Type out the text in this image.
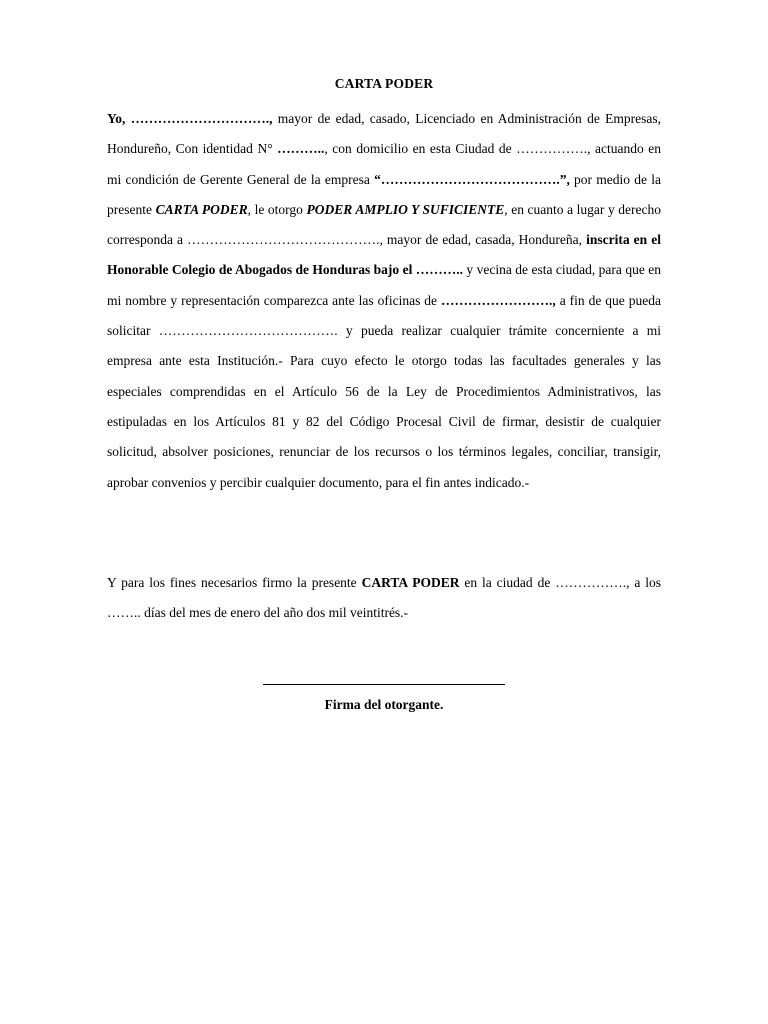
CARTA PODER

Yo, …………………………., mayor de edad, casado, Licenciado en Administración de Empresas, Hondureño, Con identidad N° ……….., con domicilio en esta Ciudad de ……………., actuando en mi condición de Gerente General de la empresa “………………………………….”, por medio de la presente CARTA PODER, le otorgo PODER AMPLIO Y SUFICIENTE, en cuanto a lugar y derecho corresponda a ……………………………………., mayor de edad, casada, Hondureña, inscrita en el Honorable Colegio de Abogados de Honduras bajo el ……….. y vecina de esta ciudad, para que en mi nombre y representación comparezca ante las oficinas de ……………………., a fin de que pueda solicitar …………………………………. y pueda realizar cualquier trámite concerniente a mi empresa ante esta Institución.- Para cuyo efecto le otorgo todas las facultades generales y las especiales comprendidas en el Artículo 56 de la Ley de Procedimientos Administrativos, las estipuladas en los Artículos 81 y 82 del Código Procesal Civil de firmar, desistir de cualquier solicitud, absolver posiciones, renunciar de los recursos o los términos legales, conciliar, transigir, aprobar convenios y percibir cualquier documento, para el fin antes indicado.-

Y para los fines necesarios firmo la presente CARTA PODER en la ciudad de ……………., a los …….. días del mes de enero del año dos mil veintitrés.-

Firma del otorgante.
